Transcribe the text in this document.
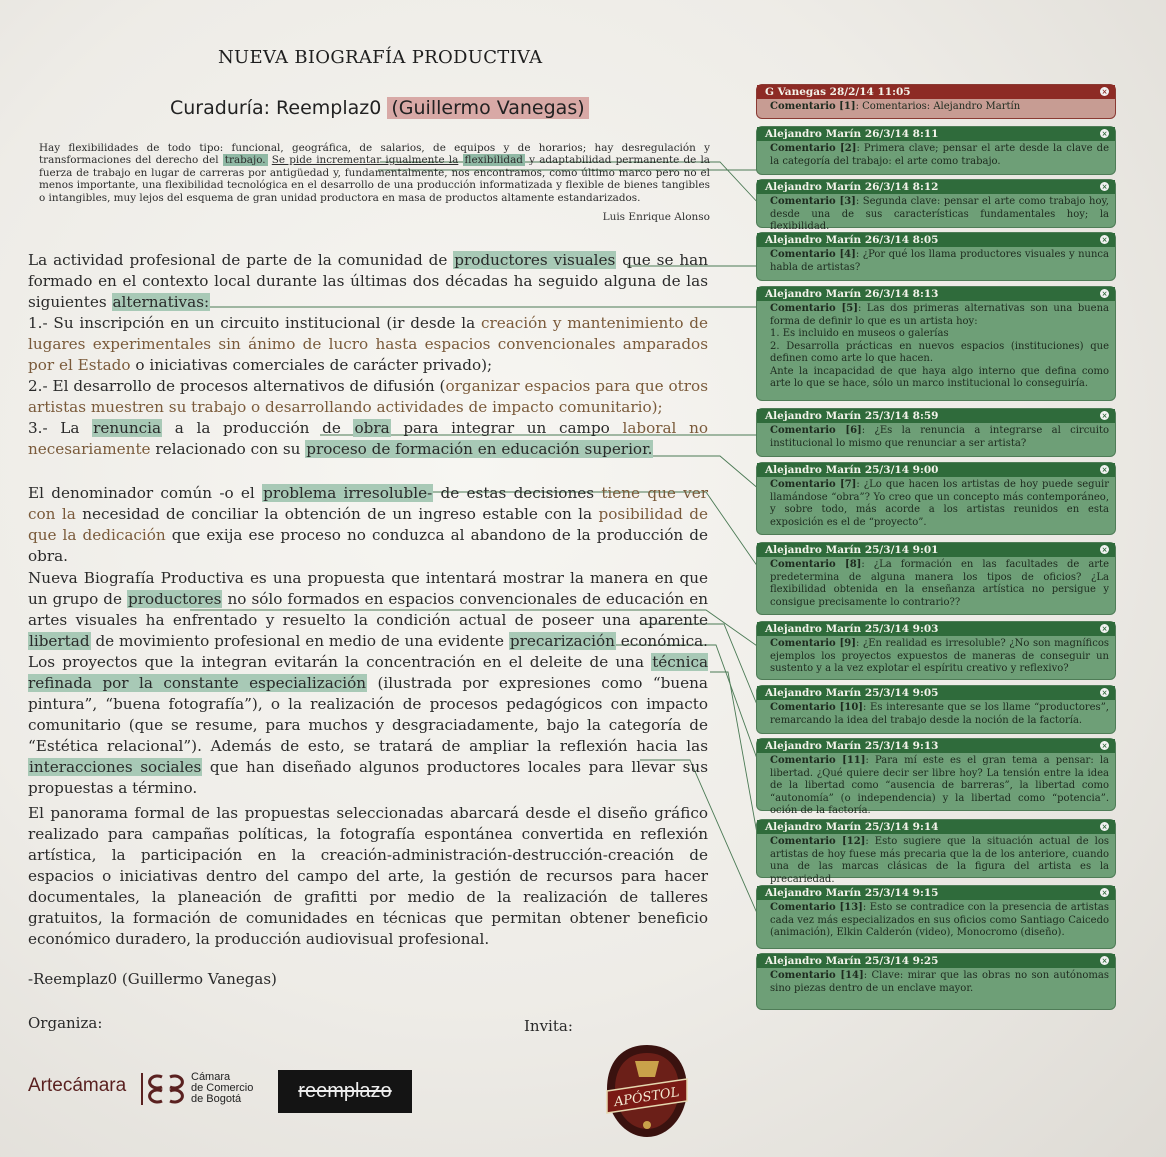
NUEVA BIOGRAFÍA PRODUCTIVA
Curaduría: Reemplaz0 (Guillermo Vanegas)
Hay flexibilidades de todo tipo: funcional, geográfica, de salarios, de equipos y de horarios; hay desregulación y transformaciones del derecho del trabajo. Se pide incrementar igualmente la flexibilidad y adaptabilidad permanente de la fuerza de trabajo en lugar de carreras por antigüedad y, fundamentalmente, nos encontramos, como último marco pero no el menos importante, una flexibilidad tecnológica en el desarrollo de una producción informatizada y flexible de bienes tangibles o intangibles, muy lejos del esquema de gran unidad productora en masa de productos altamente estandarizados.
Luis Enrique Alonso
La actividad profesional de parte de la comunidad de productores visuales que se han formado en el contexto local durante las últimas dos décadas ha seguido alguna de las siguientes alternativas:
1.- Su inscripción en un circuito institucional (ir desde la creación y mantenimiento de lugares experimentales sin ánimo de lucro hasta espacios convencionales amparados por el Estado o iniciativas comerciales de carácter privado);
2.- El desarrollo de procesos alternativos de difusión (organizar espacios para que otros artistas muestren su trabajo o desarrollando actividades de impacto comunitario);
3.- La renuncia a la producción de obra para integrar un campo laboral no necesariamente relacionado con su proceso de formación en educación superior.
El denominador común -o el problema irresoluble- de estas decisiones tiene que ver con la necesidad de conciliar la obtención de un ingreso estable con la posibilidad de que la dedicación que exija ese proceso no conduzca al abandono de la producción de obra.
Nueva Biografía Productiva es una propuesta que intentará mostrar la manera en que un grupo de productores no sólo formados en espacios convencionales de educación en artes visuales ha enfrentado y resuelto la condición actual de poseer una aparente libertad de movimiento profesional en medio de una evidente precarización económica. Los proyectos que la integran evitarán la concentración en el deleite de una técnica refinada por la constante especialización (ilustrada por expresiones como “buena pintura”, “buena fotografía”), o la realización de procesos pedagógicos con impacto comunitario (que se resume, para muchos y desgraciadamente, bajo la categoría de “Estética relacional”). Además de esto, se tratará de ampliar la reflexión hacia las interacciones sociales que han diseñado algunos productores locales para llevar sus propuestas a término.
El panorama formal de las propuestas seleccionadas abarcará desde el diseño gráfico realizado para campañas políticas, la fotografía espontánea convertida en reflexión artística, la participación en la creación-administración-destrucción-creación de espacios o iniciativas dentro del campo del arte, la gestión de recursos para hacer documentales, la planeación de grafitti por medio de la realización de talleres gratuitos, la formación de comunidades en técnicas que permitan obtener beneficio económico duradero, la producción audiovisual profesional.
-Reemplaz0 (Guillermo Vanegas)
Organiza:	Invita:
Artecámara	Cámara
de Comercio
de Bogotá	reemplazo	APÓSTOL
G Vanegas 28/2/14 11:05	×
Comentario [1]: Comentarios: Alejandro Martín
Alejandro Marín 26/3/14 8:11	×
Comentario [2]: Primera clave; pensar el arte desde la clave de la categoría del trabajo: el arte como trabajo.
Alejandro Marín 26/3/14 8:12	×
Comentario [3]: Segunda clave: pensar el arte como trabajo hoy, desde una de sus características fundamentales hoy; la flexibilidad.
Alejandro Marín 26/3/14 8:05	×
Comentario [4]: ¿Por qué los llama productores visuales y nunca habla de artistas?
Alejandro Marín 26/3/14 8:13	×
Comentario [5]: Las dos primeras alternativas son una buena forma de definir lo que es un artista hoy:
1. Es incluido en museos o galerías
2. Desarrolla prácticas en nuevos espacios (instituciones) que definen como arte lo que hacen.
Ante la incapacidad de que haya algo interno que defina como arte lo que se hace, sólo un marco institucional lo conseguiría.
Alejandro Marín 25/3/14 8:59	×
Comentario [6]: ¿Es la renuncia a integrarse al circuito institucional lo mismo que renunciar a ser artista?
Alejandro Marín 25/3/14 9:00	×
Comentario [7]: ¿Lo que hacen los artistas de hoy puede seguir llamándose “obra”? Yo creo que un concepto más contemporáneo, y sobre todo, más acorde a los artistas reunidos en esta exposición es el de “proyecto”.
Alejandro Marín 25/3/14 9:01	×
Comentario [8]: ¿La formación en las facultades de arte predetermina de alguna manera los tipos de oficios? ¿La flexibilidad obtenida en la enseñanza artística no persigue y consigue precisamente lo contrario??
Alejandro Marín 25/3/14 9:03	×
Comentario [9]: ¿En realidad es irresoluble? ¿No son magníficos ejemplos los proyectos expuestos de maneras de conseguir un sustento y a la vez explotar el espíritu creativo y reflexivo?
Alejandro Marín 25/3/14 9:05	×
Comentario [10]: Es interesante que se los llame “productores”, remarcando la idea del trabajo desde la noción de la factoría.
Alejandro Marín 25/3/14 9:13	×
Comentario [11]: Para mí este es el gran tema a pensar: la libertad. ¿Qué quiere decir ser libre hoy? La tensión entre la idea de la libertad como “ausencia de barreras”, la libertad como “autonomía” (o independencia) y la libertad como “potencia”. oción de la factoría.
Alejandro Marín 25/3/14 9:14	×
Comentario [12]: Esto sugiere que la situación actual de los artistas de hoy fuese más precaria que la de los anteriore, cuando una de las marcas clásicas de la figura del artista es la precariedad.
Alejandro Marín 25/3/14 9:15	×
Comentario [13]: Esto se contradice con la presencia de artistas cada vez más especializados en sus oficios como Santiago Caicedo (animación), Elkin Calderón (video), Monocromo (diseño).
Alejandro Marín 25/3/14 9:25	×
Comentario [14]: Clave: mirar que las obras no son autónomas sino piezas dentro de un enclave mayor.
